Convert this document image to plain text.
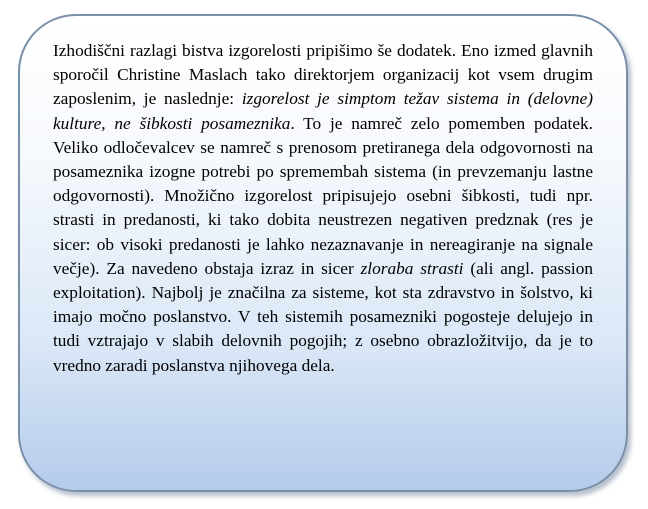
Izhodiščni razlagi bistva izgorelosti pripišimo še dodatek. Eno izmed glavnih sporočil Christine Maslach tako direktorjem organizacij kot vsem drugim zaposlenim, je naslednje: izgorelost je simptom težav sistema in (delovne) kulture, ne šibkosti posameznika. To je namreč zelo pomemben podatek. Veliko odločevalcev se namreč s prenosom pretiranega dela odgovornosti na posameznika izogne potrebi po spremembah sistema (in prevzemanju lastne odgovornosti). Množično izgorelost pripisujejo osebni šibkosti, tudi npr. strasti in predanosti, ki tako dobita neustrezen negativen predznak (res je sicer: ob visoki predanosti je lahko nezaznavanje in nereagiranje na signale večje). Za navedeno obstaja izraz in sicer zloraba strasti (ali angl. passion exploitation). Najbolj je značilna za sisteme, kot sta zdravstvo in šolstvo, ki imajo močno poslanstvo. V teh sistemih posamezniki pogosteje delujejo in tudi vztrajajo v slabih delovnih pogojih; z osebno obrazložitvijo, da je to vredno zaradi poslanstva njihovega dela.
